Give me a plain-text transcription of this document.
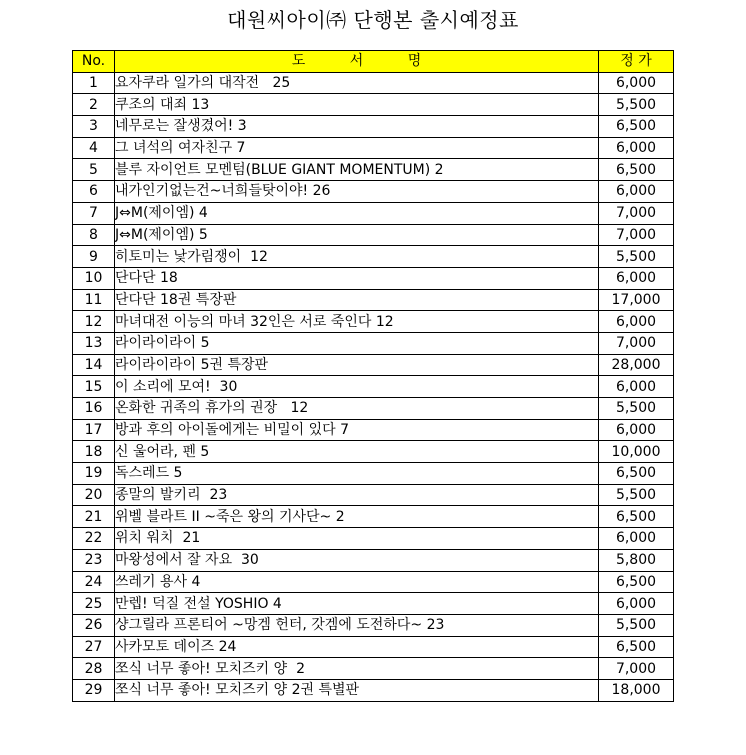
대원씨아이㈜ 단행본 출시예정표
No.	도          서          명	정 가
1	요자쿠라 일가의 대작전   25	6,000
2	쿠조의 대죄 13	5,500
3	네무로는 잘생겼어! 3	6,500
4	그 녀석의 여자친구 7	6,000
5	블루 자이언트 모멘텀(BLUE GIANT MOMENTUM) 2	6,500
6	내가인기없는건~너희들탓이야! 26	6,000
7	J⇔M(제이엠) 4	7,000
8	J⇔M(제이엠) 5	7,000
9	히토미는 낯가림쟁이  12	5,500
10	단다단 18	6,000
11	단다단 18권 특장판	17,000
12	마녀대전 이능의 마녀 32인은 서로 죽인다 12	6,000
13	라이라이라이 5	7,000
14	라이라이라이 5권 특장판	28,000
15	이 소리에 모여!  30	6,000
16	온화한 귀족의 휴가의 권장   12	5,500
17	방과 후의 아이돌에게는 비밀이 있다 7	6,000
18	신 울어라, 펜 5	10,000
19	독스레드 5	6,500
20	종말의 발키리  23	5,500
21	위벨 블라트 II ~죽은 왕의 기사단~ 2	6,500
22	위치 워치  21	6,000
23	마왕성에서 잘 자요  30	5,800
24	쓰레기 용사 4	6,500
25	만렙! 덕질 전설 YOSHIO 4	6,000
26	샹그릴라 프론티어 ~망겜 헌터, 갓겜에 도전하다~ 23	5,500
27	사카모토 데이즈 24	6,500
28	쪼식 너무 좋아! 모치즈키 양  2	7,000
29	쪼식 너무 좋아! 모치즈키 양 2권 특별판	18,000
